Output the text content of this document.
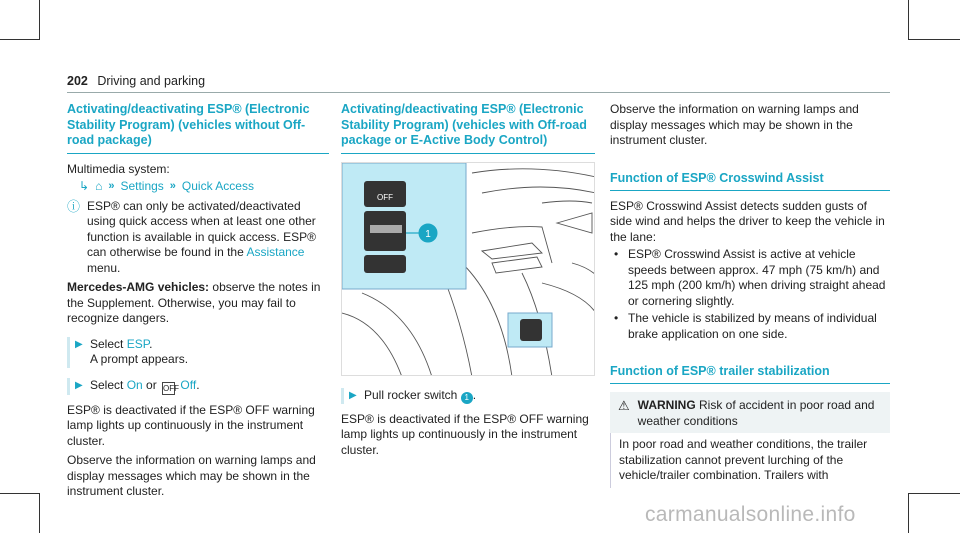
202 Driving and parking
Activating/deactivating ESP® (Electronic Stability Program) (vehicles without Off-road package)
Multimedia system:
↳ ⌂ » Settings » Quick Access
ⓘ ESP® can only be activated/deactivated using quick access when at least one other function is available in quick access. ESP® can otherwise be found in the Assistance menu.
Mercedes-AMG vehicles: observe the notes in the Supplement. Otherwise, you may fail to recognize dangers.
▶ Select ESP.
A prompt appears.
▶ Select On or OFF Off.
ESP® is deactivated if the ESP® OFF warning lamp lights up continuously in the instrument cluster.
Observe the information on warning lamps and display messages which may be shown in the instrument cluster.
Activating/deactivating ESP® (Electronic Stability Program) (vehicles with Off-road package or E-Active Body Control)
OFF
1
▶ Pull rocker switch 1 .
ESP® is deactivated if the ESP® OFF warning lamp lights up continuously in the instrument cluster.
Observe the information on warning lamps and display messages which may be shown in the instrument cluster.
Function of ESP® Crosswind Assist
ESP® Crosswind Assist detects sudden gusts of side wind and helps the driver to keep the vehicle in the lane:
• ESP® Crosswind Assist is active at vehicle speeds between approx. 47 mph (75 km/h) and 125 mph (200 km/h) when driving straight ahead or cornering slightly.
• The vehicle is stabilized by means of individual brake application on one side.
Function of ESP® trailer stabilization
⚠ WARNING Risk of accident in poor road and weather conditions
In poor road and weather conditions, the trailer stabilization cannot prevent lurching of the vehicle/trailer combination. Trailers with
carmanualsonline.info
